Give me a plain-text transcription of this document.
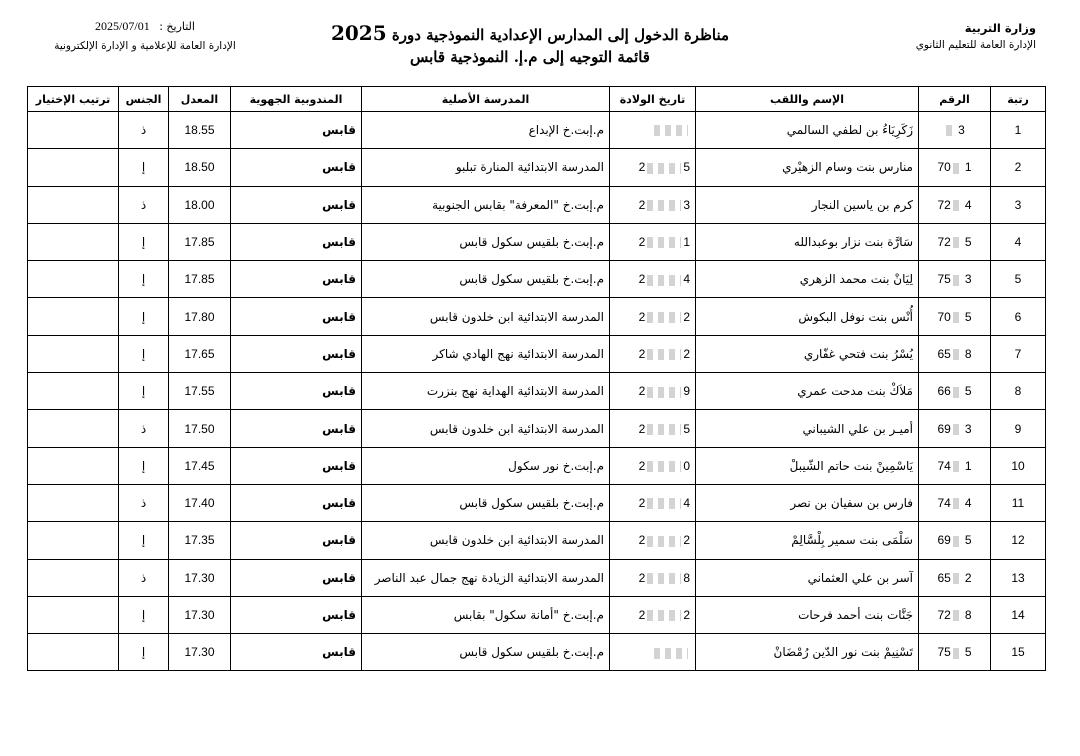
وزارة التربية
الإدارة العامة للتعليم الثانوي
مناظرة الدخول إلى المدارس الإعدادية النموذجية دورة 2025
قائمة التوجيه إلى م.إ. النموذجية قابس
التاريخ : 2025/07/01
الإدارة العامة للإعلامية و الإدارة الإلكترونية
رتبة	الرقم	الإسم واللقب	تاريخ الولادة	المدرسة الأصلية	المندوبية الجهوية	المعدل	الجنس	ترتيب الإختيار
1	3	زَكَرِيَاءُ بن لطفي السالمي		م.إبت.خ الإبداع	قابس	18.55	ذ	
2	170	منارس بنت وسام الزهيْري	52	المدرسة الابتدائية المنارة تبلبو	قابس	18.50	إ	
3	472	كرم بن ياسين النجار	32	م.إبت.خ "المعرفة" بقابس الجنوبية	قابس	18.00	ذ	
4	572	سَارَّة بنت نزار بوعبدالله	12	م.إبت.خ بلقيس سكول قابس	قابس	17.85	إ	
5	375	لِيَانْ بنت محمد الزهري	42	م.إبت.خ بلقيس سكول قابس	قابس	17.85	إ	
6	570	أُنْس بنت نوفل البكوش	22	المدرسة الابتدائية ابن خلدون قابس	قابس	17.80	إ	
7	865	يُسْرُ بنت فتحي غفّاري	22	المدرسة الابتدائية نهج الهادي شاكر	قابس	17.65	إ	
8	566	مَلاَكْ بنت مدحت عمري	92	المدرسة الابتدائية الهداية نهج بنزرت	قابس	17.55	إ	
9	369	أميـر بن علي الشيباني	52	المدرسة الابتدائية ابن خلدون قابس	قابس	17.50	ذ	
10	174	يَاسْمِينْ بنت حاتم الشّيبلْ	02	م.إبت.خ نور سكول	قابس	17.45	إ	
11	474	فارس بن سفيان بن نصر	42	م.إبت.خ بلقيس سكول قابس	قابس	17.40	ذ	
12	569	سَلْمَى بنت سمير بِلْسَّالِمْ	22	المدرسة الابتدائية ابن خلدون قابس	قابس	17.35	إ	
13	265	آسر بن علي العثماني	82	المدرسة الابتدائية الزيادة نهج جمال عبد الناصر	قابس	17.30	ذ	
14	872	جَنَّات بنت أحمد فرحات	22	م.إبت.خ "أمانة سكول" بقابس	قابس	17.30	إ	
15	575	تَسْنِيمْ بنت نور الدّين رُمْضَانْ		م.إبت.خ بلقيس سكول قابس	قابس	17.30	إ	
